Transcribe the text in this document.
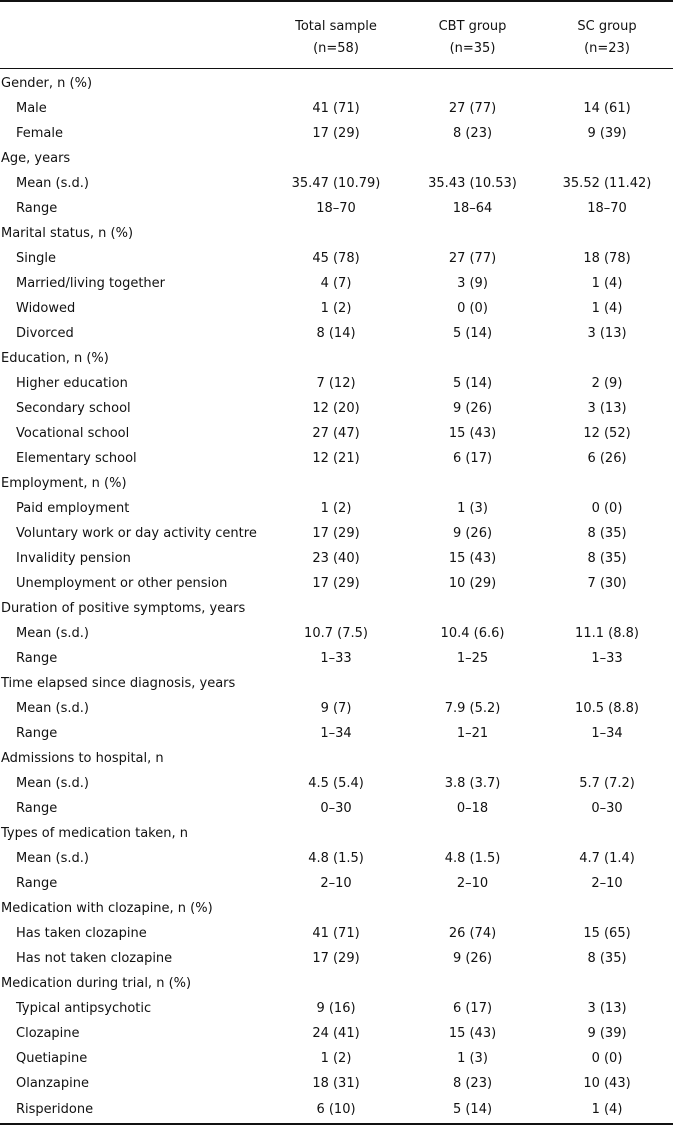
	Total sample	CBT group	SC group
	(n=58)	(n=35)	(n=23)
Gender, n (%)			
Male	41 (71)	27 (77)	14 (61)
Female	17 (29)	8 (23)	9 (39)
Age, years			
Mean (s.d.)	35.47 (10.79)	35.43 (10.53)	35.52 (11.42)
Range	18–70	18–64	18–70
Marital status, n (%)			
Single	45 (78)	27 (77)	18 (78)
Married/living together	4 (7)	3 (9)	1 (4)
Widowed	1 (2)	0 (0)	1 (4)
Divorced	8 (14)	5 (14)	3 (13)
Education, n (%)			
Higher education	7 (12)	5 (14)	2 (9)
Secondary school	12 (20)	9 (26)	3 (13)
Vocational school	27 (47)	15 (43)	12 (52)
Elementary school	12 (21)	6 (17)	6 (26)
Employment, n (%)			
Paid employment	1 (2)	1 (3)	0 (0)
Voluntary work or day activity centre	17 (29)	9 (26)	8 (35)
Invalidity pension	23 (40)	15 (43)	8 (35)
Unemployment or other pension	17 (29)	10 (29)	7 (30)
Duration of positive symptoms, years			
Mean (s.d.)	10.7 (7.5)	10.4 (6.6)	11.1 (8.8)
Range	1–33	1–25	1–33
Time elapsed since diagnosis, years			
Mean (s.d.)	9 (7)	7.9 (5.2)	10.5 (8.8)
Range	1–34	1–21	1–34
Admissions to hospital, n			
Mean (s.d.)	4.5 (5.4)	3.8 (3.7)	5.7 (7.2)
Range	0–30	0–18	0–30
Types of medication taken, n			
Mean (s.d.)	4.8 (1.5)	4.8 (1.5)	4.7 (1.4)
Range	2–10	2–10	2–10
Medication with clozapine, n (%)			
Has taken clozapine	41 (71)	26 (74)	15 (65)
Has not taken clozapine	17 (29)	9 (26)	8 (35)
Medication during trial, n (%)			
Typical antipsychotic	9 (16)	6 (17)	3 (13)
Clozapine	24 (41)	15 (43)	9 (39)
Quetiapine	1 (2)	1 (3)	0 (0)
Olanzapine	18 (31)	8 (23)	10 (43)
Risperidone	6 (10)	5 (14)	1 (4)
